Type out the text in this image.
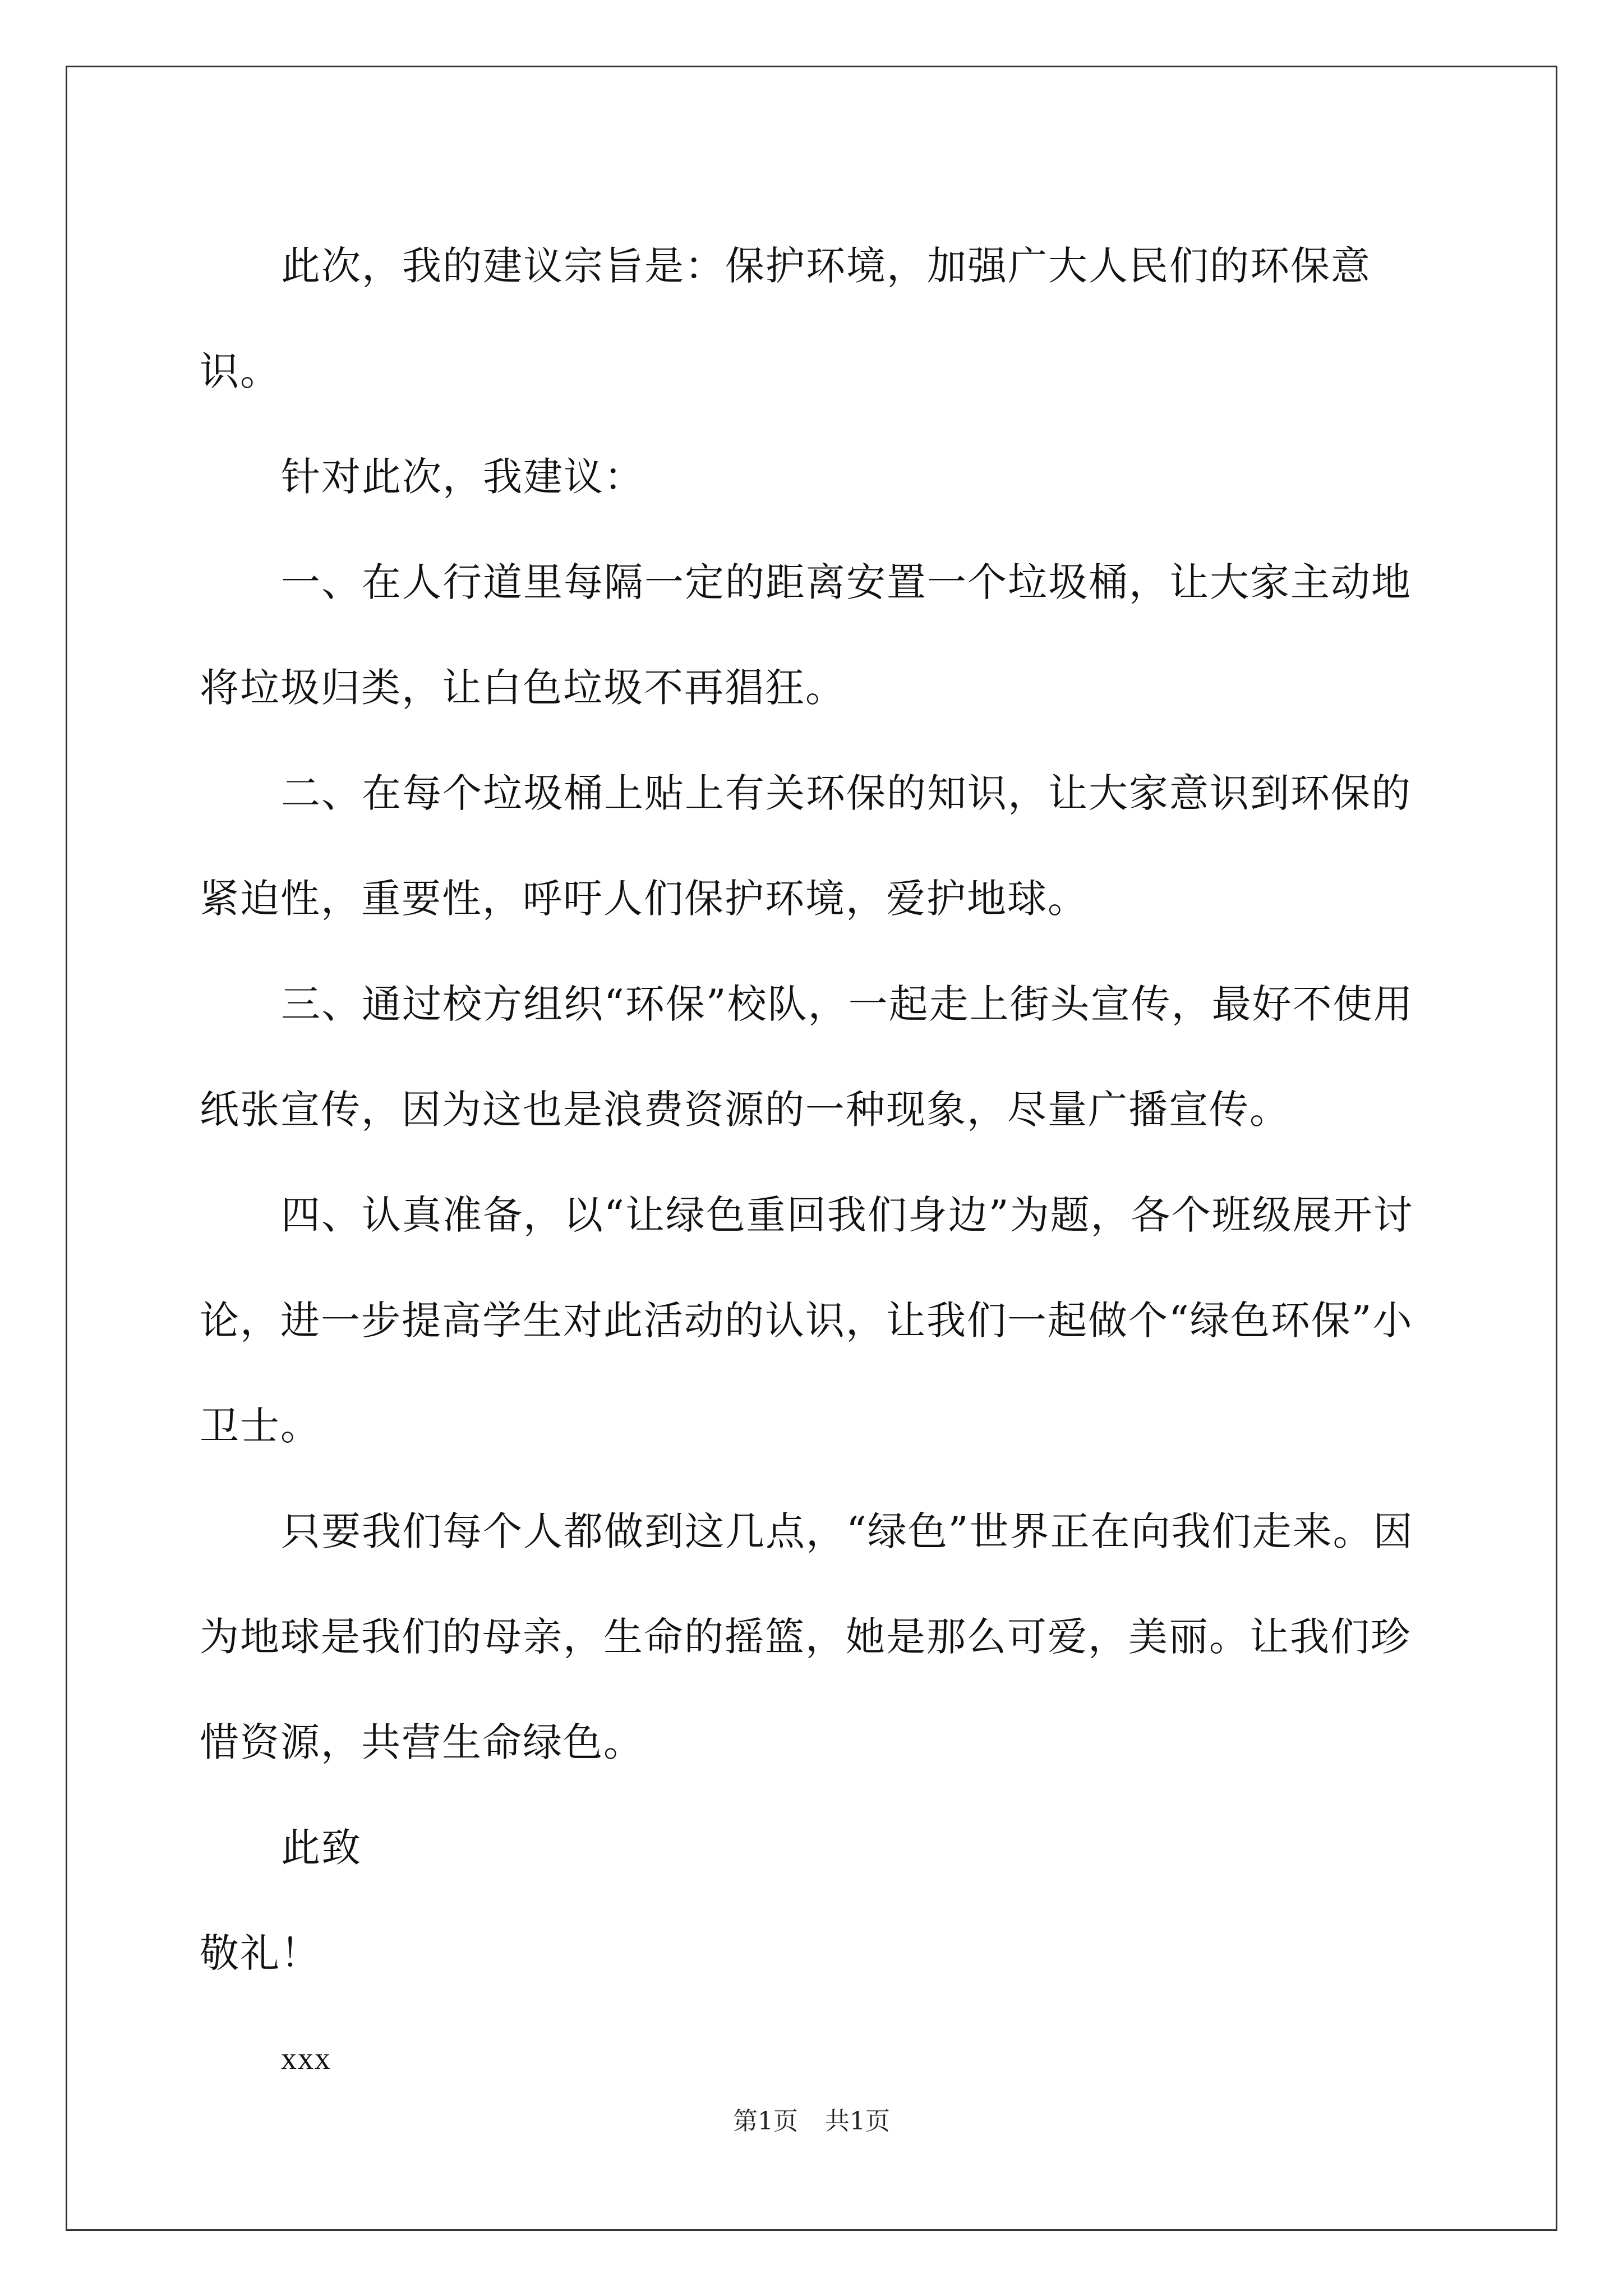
此次，我的建议宗旨是：保护环境，加强广大人民们的环保意识。

针对此次，我建议：

一、在人行道里每隔一定的距离安置一个垃圾桶，让大家主动地将垃圾归类，让白色垃圾不再猖狂。

二、在每个垃圾桶上贴上有关环保的知识，让大家意识到环保的紧迫性，重要性，呼吁人们保护环境，爱护地球。

三、通过校方组织“环保”校队，一起走上街头宣传，最好不使用纸张宣传，因为这也是浪费资源的一种现象，尽量广播宣传。

四、认真准备，以“让绿色重回我们身边”为题，各个班级展开讨论，进一步提高学生对此活动的认识，让我们一起做个“绿色环保”小卫士。

只要我们每个人都做到这几点，“绿色”世界正在向我们走来。因为地球是我们的母亲，生命的摇篮，她是那么可爱，美丽。让我们珍惜资源，共营生命绿色。

此致

敬礼！

xxx

第1页 共1页
